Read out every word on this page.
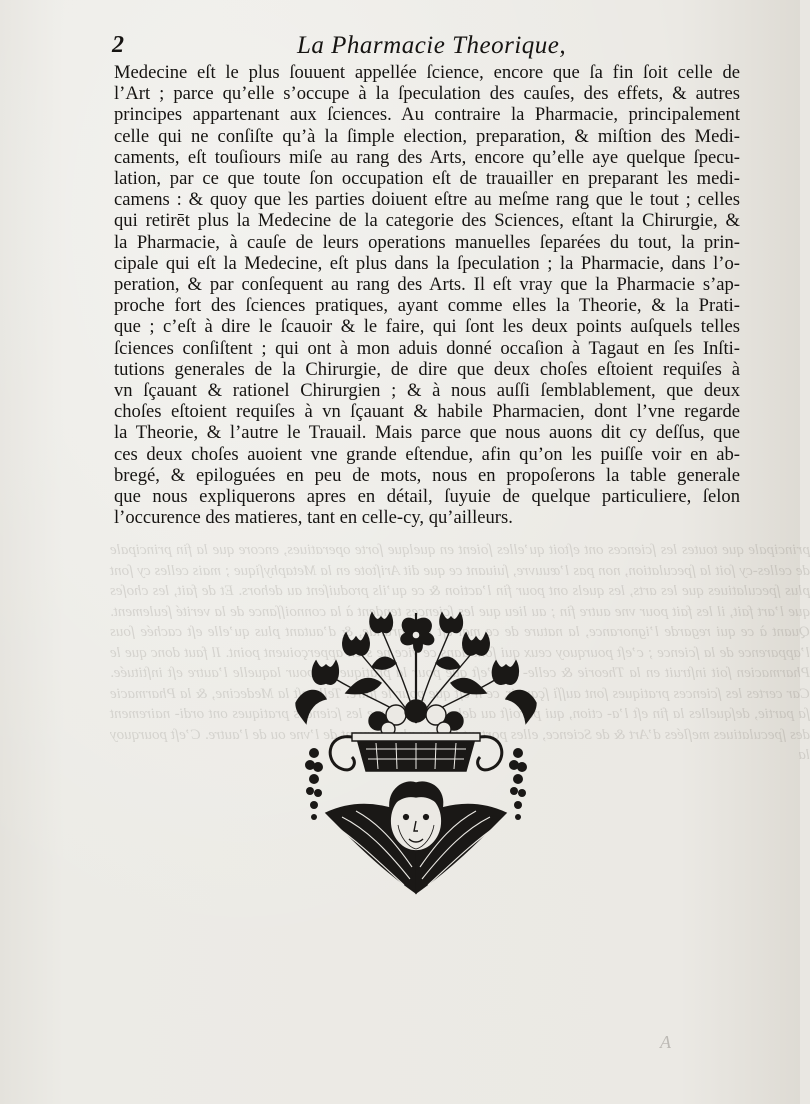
principale que toutes les ſciences ont eſtoit qu’elles ſoient en quelque ſorte operatiues, encore que la fin principale de celles-cy ſoit la ſpeculation, non pas l’œuuvre, ſuiuant ce que dit Ariſtote en la Metaphyſique ; mais celles cy ſont plus ſpeculatiues que les arts, les quels ont pour fin l’action & ce qu’ils produiſent au dehors. Et de fait, les choſes que l’art fait, il les fait pour vne autre fin ; au lieu que les ſciences tendent à la connoiſſance de la verité ſeulement. Quant à ce qui regarde l’ignorance, la nature de ce mal & d’autant plus qu’elle eſt cachée ſous l’apparence de la ſcience ; c’eſt pourquoy ceux qui dans ce vice ne apperçoiuent point. Il faut donc que le Pharmacien ſoit inſtruit en la Theorie & celle- n’eſt que pour la pratique, pour laquelle l’autre eſt inſtituée. Car certes les ſciences pratiques ſont auſſi ce que pour le Telle eſt la Medecine, & la Pharmacie ſa partie, deſquelles la fin eſt l’a- ction, qui paroiſt au les ſciences pratiques ont ordi- nairement des ſpeculatiues meſlées d’Art & de Science, elles portent de l’vne ou de l’autre. C’eſt pourquoy la
2	La Pharmacie Theorique,
Medecine eſt le plus ſouuent appellée ſcience, encore que ſa fin ſoit celle de
l’Art ; parce qu’elle s’occupe à la ſpeculation des cauſes, des effets, & autres
principes appartenant aux ſciences. Au contraire la Pharmacie, principalement
celle qui ne conſiſte qu’à la ſimple election, preparation, & miſtion des Medi-
caments, eſt touſiours miſe au rang des Arts, encore qu’elle aye quelque ſpecu-
lation, par ce que toute ſon occupation eſt de trauailler en preparant les medi-
camens : & quoy que les parties doiuent eſtre au meſme rang que le tout ; celles
qui retirēt plus la Medecine de la categorie des Sciences, eſtant la Chirurgie, &
la Pharmacie, à cauſe de leurs operations manuelles ſeparées du tout, la prin-
cipale qui eſt la Medecine, eſt plus dans la ſpeculation ; la Pharmacie, dans l’o-
peration, & par conſequent au rang des Arts. Il eſt vray que la Pharmacie s’ap-
proche fort des ſciences pratiques, ayant comme elles la Theorie, & la Prati-
que ; c’eſt à dire le ſcauoir & le faire, qui ſont les deux points auſquels telles
ſciences conſiſtent ; qui ont à mon aduis donné occaſion à Tagaut en ſes Inſti-
tutions generales de la Chirurgie, de dire que deux choſes eſtoient requiſes à
vn ſçauant & rationel Chirurgien ; & à nous auſſi ſemblablement, que deux
choſes eſtoient requiſes à vn ſçauant & habile Pharmacien, dont l’vne regarde
la Theorie, & l’autre le Trauail. Mais parce que nous auons dit cy deſſus, que
ces deux choſes auoient vne grande eſtendue, afin qu’on les puiſſe voir en ab-
bregé, & epiloguées en peu de mots, nous en propoſerons la table generale
que nous expliquerons apres en détail, ſuyuie de quelque particuliere, ſelon
l’occurence des matieres, tant en celle-cy, qu’ailleurs.
A
